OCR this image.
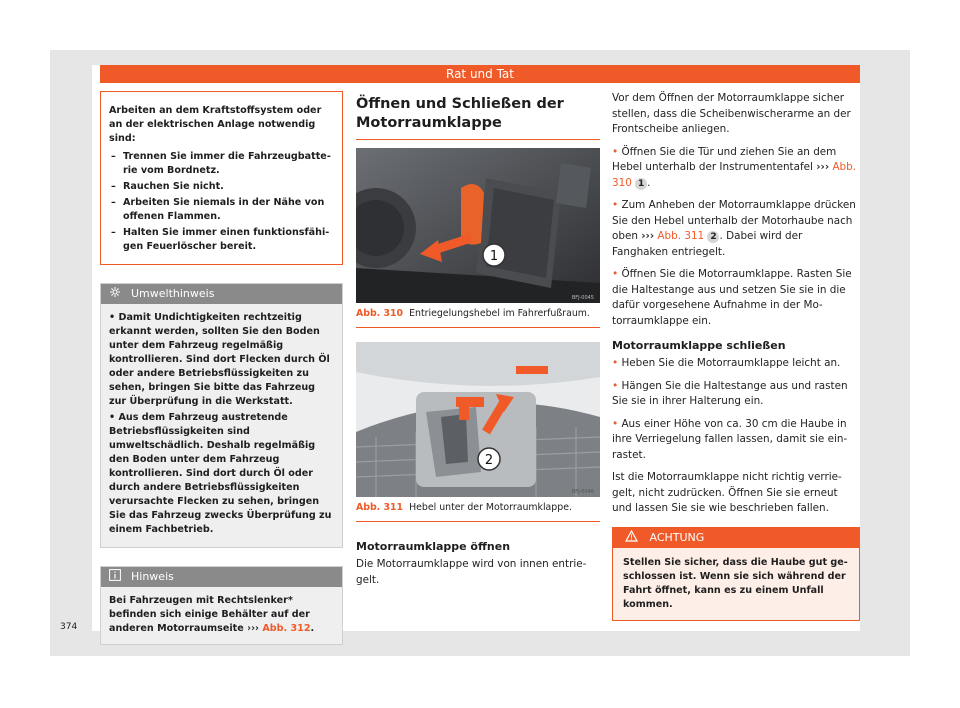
Rat und Tat
Arbeiten an dem Kraftstoffsystem oder an der elektrischen Anlage notwendig sind:
– Trennen Sie immer die Fahrzeugbatterie vom Bordnetz.
– Rauchen Sie nicht.
– Arbeiten Sie niemals in der Nähe von offenen Flammen.
– Halten Sie immer einen funktionsfähigen Feuerlöscher bereit.
Umwelthinweis

• Damit Undichtigkeiten rechtzeitig erkannt werden, sollten Sie den Boden unter dem Fahrzeug regelmäßig kontrollieren. Sind dort Flecken durch Öl oder andere Betriebsflüssigkeiten zu sehen, bringen Sie bitte das Fahrzeug zur Überprüfung in die Werkstatt.

• Aus dem Fahrzeug austretende Betriebsflüssigkeiten sind umweltschädlich. Deshalb regelmäßig den Boden unter dem Fahrzeug kontrollieren. Sind dort durch Öl oder durch andere Betriebsflüssigkeiten verursachte Flecken zu sehen, bringen Sie das Fahrzeug zwecks Überprüfung zu einem Fachbetrieb.

Hinweis
Bei Fahrzeugen mit Rechtslenker* befinden sich einige Behälter auf der anderen Motorraumseite ››› Abb. 312.
Öffnen und Schließen der Motorraumklappe
1
BFJ-0045
Abb. 310 Entriegelungshebel im Fahrerfußraum.
2
BFJ-0046
Abb. 311 Hebel unter der Motorraumklappe.
Motorraumklappe öffnen
Die Motorraumklappe wird von innen entriegelt.

Vor dem Öffnen der Motorraumklappe sicher stellen, dass die Scheibenwischerarme an der Frontscheibe anliegen.

• Öffnen Sie die Tür und ziehen Sie an dem Hebel unterhalb der Instrumententafel ››› Abb. 310 1 .

• Zum Anheben der Motorraumklappe drücken Sie den Hebel unterhalb der Motorhaube nach oben ››› Abb. 311 2 . Dabei wird der Fanghaken entriegelt.

• Öffnen Sie die Motorraumklappe. Rasten Sie die Haltestange aus und setzen Sie sie in die dafür vorgesehene Aufnahme in der Motorraumklappe ein.

Motorraumklappe schließen

• Heben Sie die Motorraumklappe leicht an.

• Hängen Sie die Haltestange aus und rasten Sie sie in ihrer Halterung ein.

• Aus einer Höhe von ca. 30 cm die Haube in ihre Verriegelung fallen lassen, damit sie einrastet.

Ist die Motorraumklappe nicht richtig verriegelt, nicht zudrücken. Öffnen Sie sie erneut und lassen Sie sie wie beschrieben fallen.

ACHTUNG
Stellen Sie sicher, dass die Haube gut geschlossen ist. Wenn sie sich während der Fahrt öffnet, kann es zu einem Unfall kommen.
374
